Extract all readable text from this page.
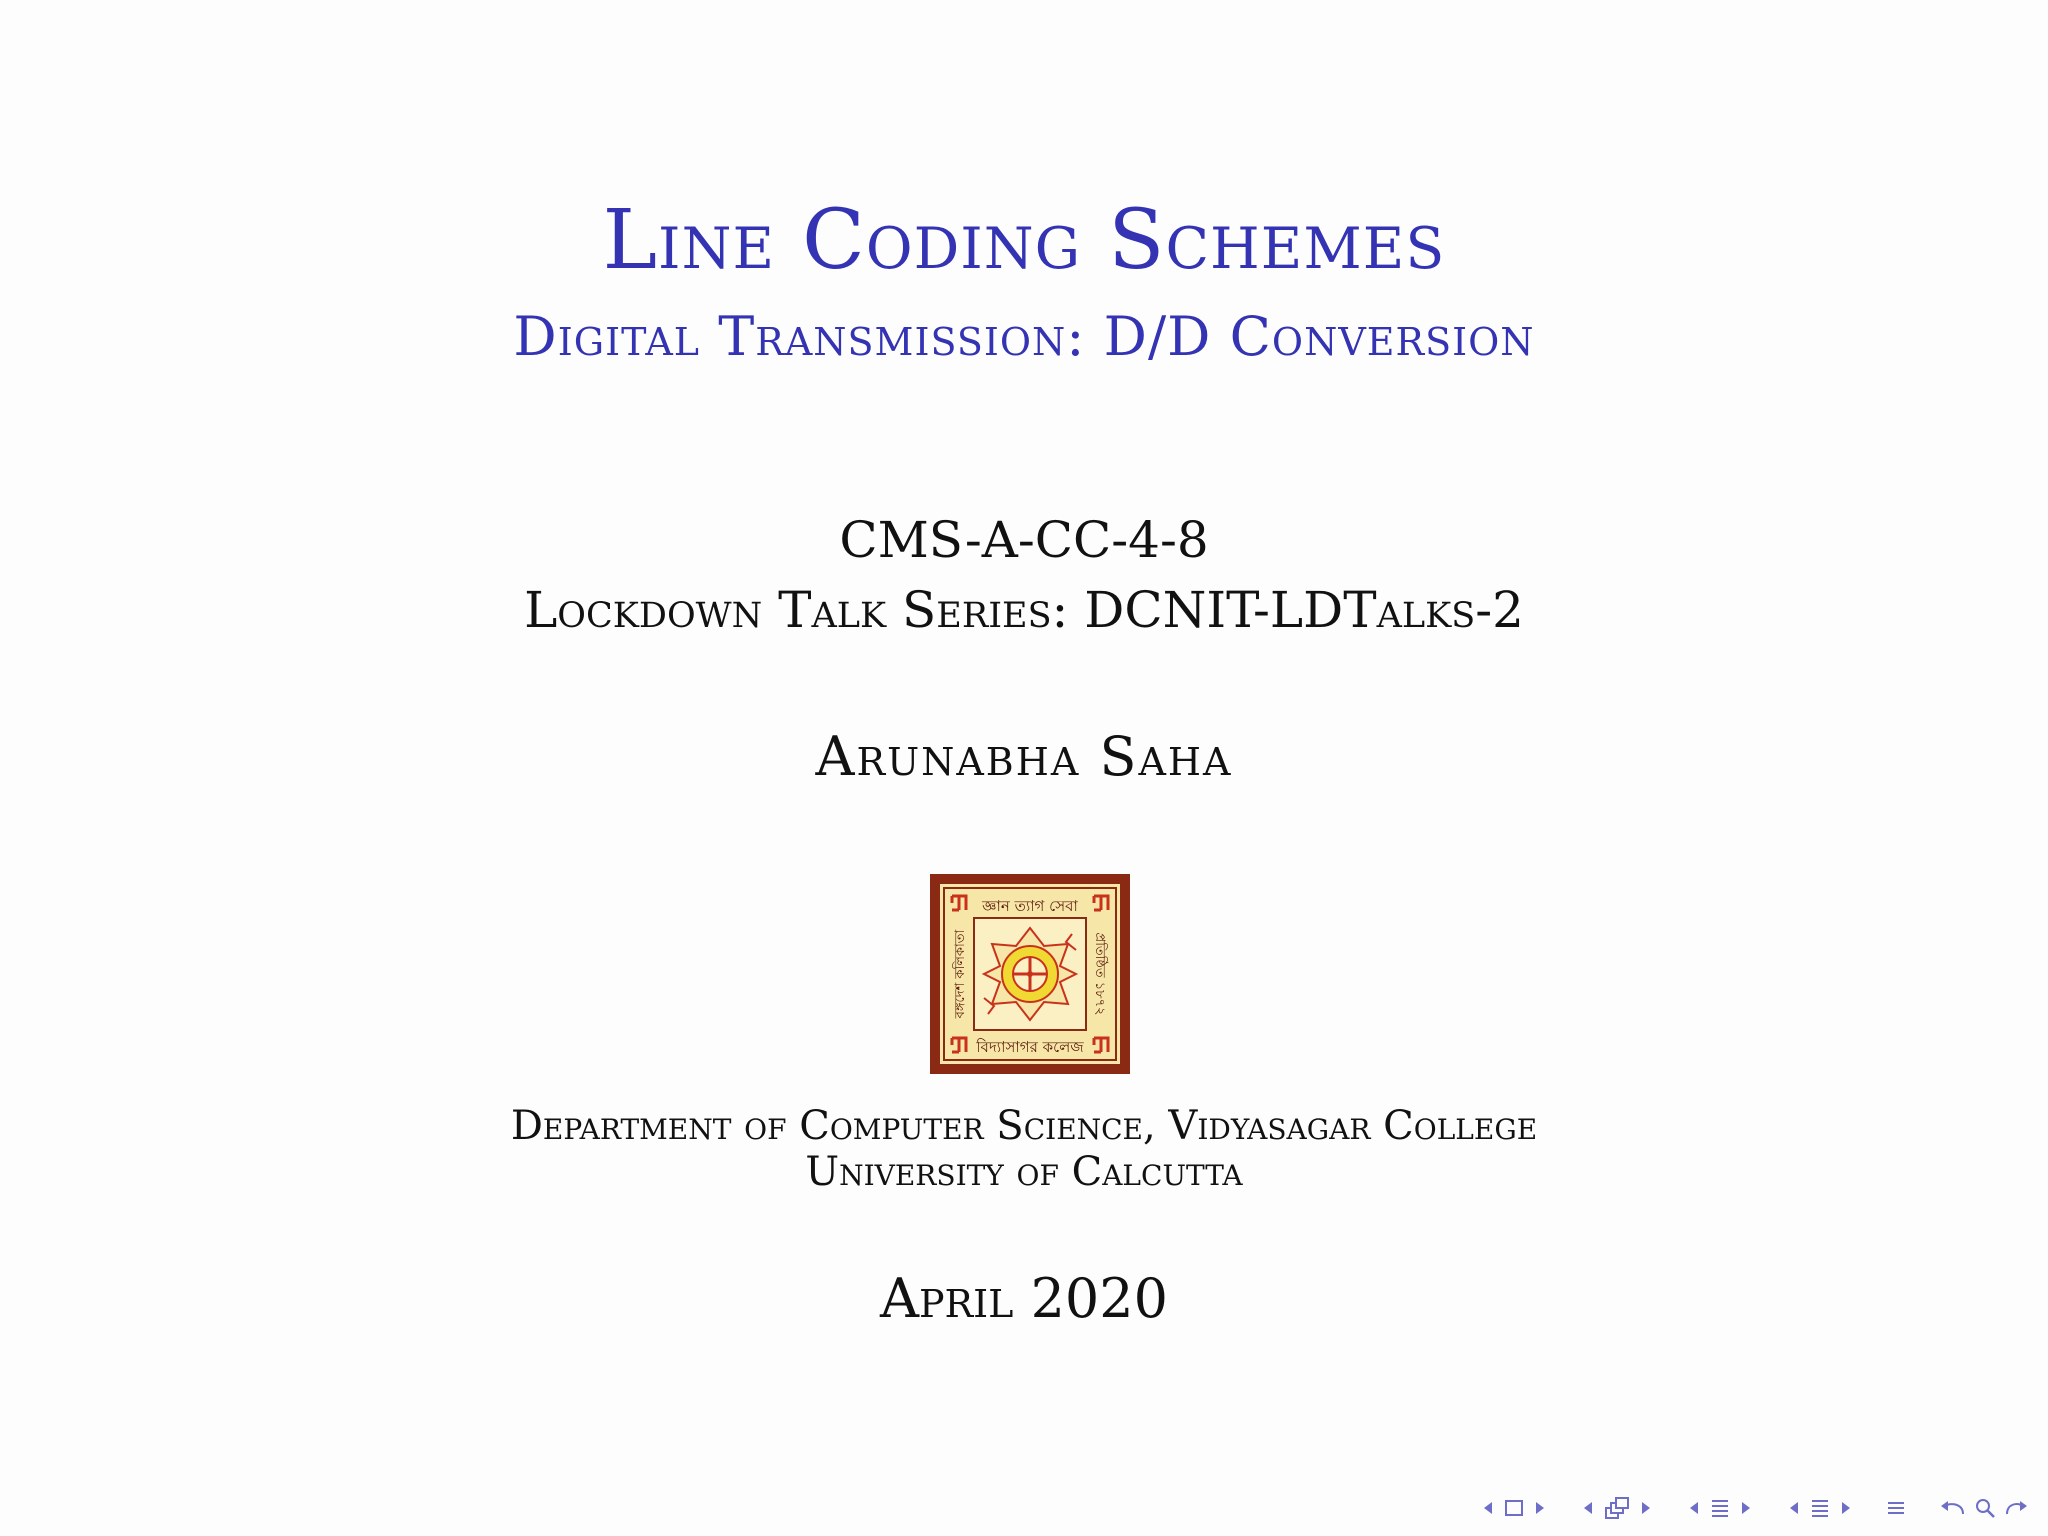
Line Coding Schemes
Digital Transmission: D/D Conversion
CMS-A-CC-4-8
Lockdown Talk Series: DCNIT-LDTalks-2
Arunabha Saha
জ্ঞান ত্যাগ সেবা
বিদ্যাসাগর কলেজ
বঙ্গদেশ কলিকাতা	প্রতিষ্ঠিত ১৮৭২
Department of Computer Science, Vidyasagar College
University of Calcutta
April 2020
